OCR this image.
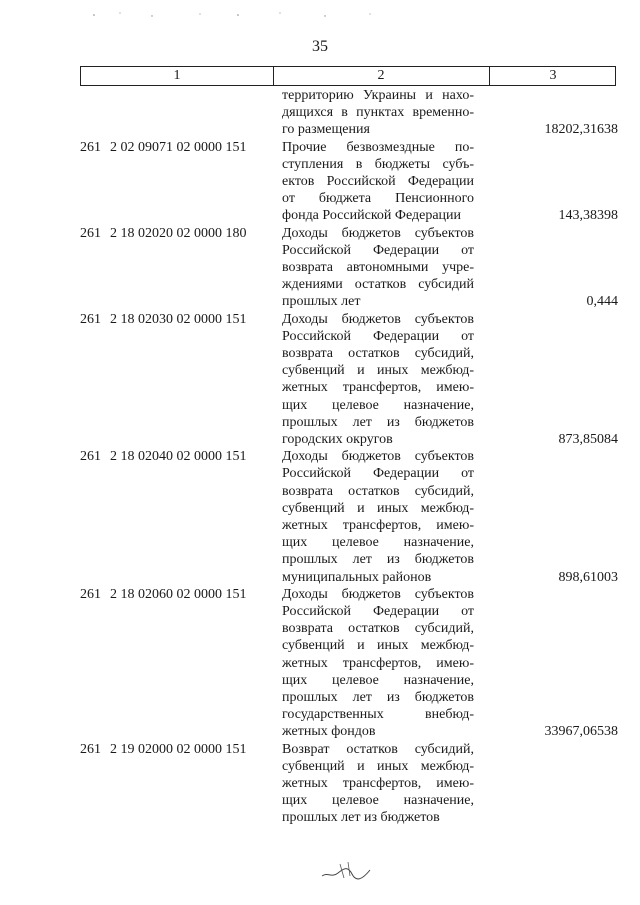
35
1	2	3
территорию Украины и нахо-
дящихся в пунктах временно-
го размещения	18202,31638
261 2 02 09071 02 0000 151	Прочие безвозмездные по-
ступления в бюджеты субъ-
ектов Российской Федерации
от бюджета Пенсионного
фонда Российской Федерации	143,38398
261 2 18 02020 02 0000 180	Доходы бюджетов субъектов
Российской Федерации от
возврата автономными учре-
ждениями остатков субсидий
прошлых лет	0,444
261 2 18 02030 02 0000 151	Доходы бюджетов субъектов
Российской Федерации от
возврата остатков субсидий,
субвенций и иных межбюд-
жетных трансфертов, имею-
щих целевое назначение,
прошлых лет из бюджетов
городских округов	873,85084
261 2 18 02040 02 0000 151	Доходы бюджетов субъектов
Российской Федерации от
возврата остатков субсидий,
субвенций и иных межбюд-
жетных трансфертов, имею-
щих целевое назначение,
прошлых лет из бюджетов
муниципальных районов	898,61003
261 2 18 02060 02 0000 151	Доходы бюджетов субъектов
Российской Федерации от
возврата остатков субсидий,
субвенций и иных межбюд-
жетных трансфертов, имею-
щих целевое назначение,
прошлых лет из бюджетов
государственных внебюд-
жетных фондов	33967,06538
261 2 19 02000 02 0000 151	Возврат остатков субсидий,
субвенций и иных межбюд-
жетных трансфертов, имею-
щих целевое назначение,
прошлых лет из бюджетов
